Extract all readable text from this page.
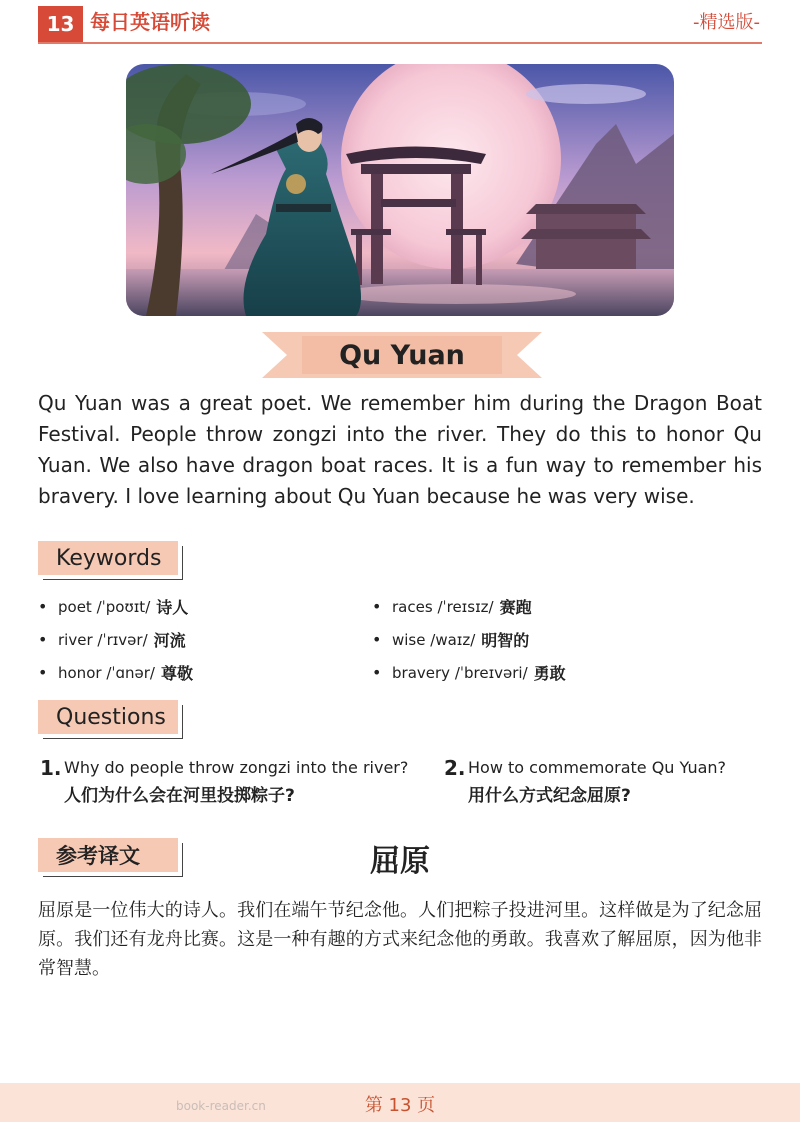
13 每日英语听读	-精选版-
Qu Yuan
Qu Yuan was a great poet. We remember him during the Dragon Boat Festival. People throw zongzi into the river. They do this to honor Qu Yuan. We also have dragon boat races. It is a fun way to remember his bravery. I love learning about Qu Yuan because he was very wise.
Keywords
• poet
/ˈpoʊɪt/ 诗人
• river
/ˈrɪvər/ 河流
• honor
/ˈɑnər/ 尊敬
• races
/ˈreɪsɪz/ 赛跑
• wise
/waɪz/ 明智的
• bravery
/ˈbreɪvəri/ 勇敢
Questions
1. Why do people throw zongzi into the river?
人们为什么会在河里投掷粽子?
2. How to commemorate Qu Yuan?
用什么方式纪念屈原?
参考译文	屈原
屈原是一位伟大的诗人。我们在端午节纪念他。人们把粽子投进河里。这样做是为了纪念屈原。我们还有龙舟比赛。这是一种有趣的方式来纪念他的勇敢。我喜欢了解屈原，因为他非常智慧。
book-reader.cn	第 13 页
